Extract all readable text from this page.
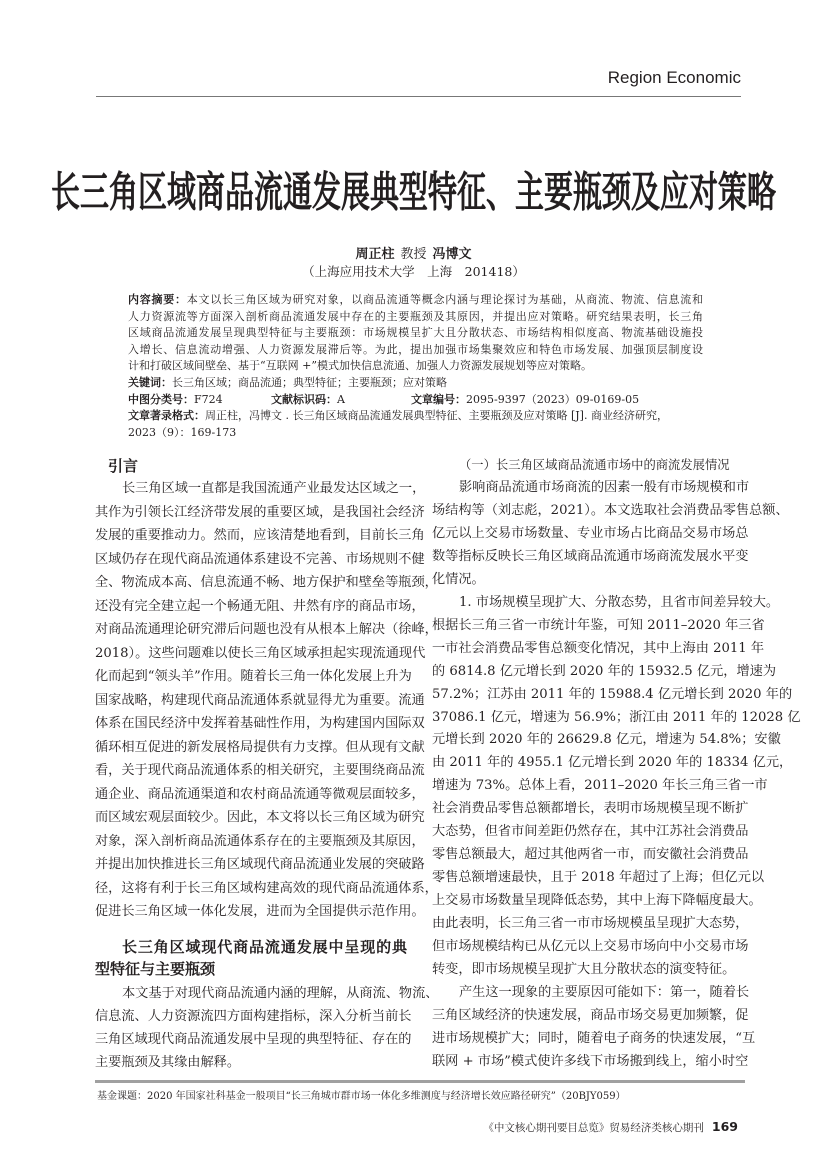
Region Economic
长三角区域商品流通发展典型特征、主要瓶颈及应对策略
周正柱 教授 冯博文
（上海应用技术大学　上海　201418）
内容摘要：本文以长三角区域为研究对象，以商品流通等概念内涵与理论探讨为基础，从商流、物流、信息流和
人力资源流等方面深入剖析商品流通发展中存在的主要瓶颈及其原因，并提出应对策略。研究结果表明，长三角
区域商品流通发展呈现典型特征与主要瓶颈：市场规模呈扩大且分散状态、市场结构相似度高、物流基础设施投
入增长、信息流动增强、人力资源发展滞后等。为此，提出加强市场集聚效应和特色市场发展、加强顶层制度设
计和打破区域间壁垒、基于“互联网 +”模式加快信息流通、加强人力资源发展规划等应对策略。
关键词： 长三角区域；商品流通；典型特征；主要瓶颈；应对策略
中图分类号：F724	文献标识码：A	文章编号：2095-9397（2023）09-0169-05
文章著录格式： 周正柱，冯博文 . 长三角区域商品流通发展典型特征、主要瓶颈及应对策略 [J]. 商业经济研究，
2023（9）：169-173
引言
长三角区域一直都是我国流通产业最发达区域之一，
其作为引领长江经济带发展的重要区域，是我国社会经济
发展的重要推动力。然而，应该清楚地看到，目前长三角
区域仍存在现代商品流通体系建设不完善、市场规则不健
全、物流成本高、信息流通不畅、地方保护和壁垒等瓶颈，
还没有完全建立起一个畅通无阻、井然有序的商品市场，
对商品流通理论研究滞后问题也没有从根本上解决（徐峰，
2018）。这些问题难以使长三角区域承担起实现流通现代
化而起到“领头羊”作用。随着长三角一体化发展上升为
国家战略，构建现代商品流通体系就显得尤为重要。流通
体系在国民经济中发挥着基础性作用，为构建国内国际双
循环相互促进的新发展格局提供有力支撑。但从现有文献
看，关于现代商品流通体系的相关研究，主要围绕商品流
通企业、商品流通渠道和农村商品流通等微观层面较多，
而区域宏观层面较少。因此，本文将以长三角区域为研究
对象，深入剖析商品流通体系存在的主要瓶颈及其原因，
并提出加快推进长三角区域现代商品流通业发展的突破路
径，这将有利于长三角区域构建高效的现代商品流通体系，
促进长三角区域一体化发展，进而为全国提供示范作用。
长三角区域现代商品流通发展中呈现的典
型特征与主要瓶颈
本文基于对现代商品流通内涵的理解，从商流、物流、
信息流、人力资源流四方面构建指标，深入分析当前长
三角区域现代商品流通发展中呈现的典型特征、存在的
主要瓶颈及其缘由解释。
（一）长三角区域商品流通市场中的商流发展情况
影响商品流通市场商流的因素一般有市场规模和市
场结构等（刘志彪，2021）。本文选取社会消费品零售总额、
亿元以上交易市场数量、专业市场占比商品交易市场总
数等指标反映长三角区域商品流通市场商流发展水平变
化情况。
1. 市场规模呈现扩大、分散态势，且省市间差异较大。
根据长三角三省一市统计年鉴，可知 2011–2020 年三省
一市社会消费品零售总额变化情况，其中上海由 2011 年
的 6814.8 亿元增长到 2020 年的 15932.5 亿元，增速为
57.2%；江苏由 2011 年的 15988.4 亿元增长到 2020 年的
37086.1 亿元，增速为 56.9%；浙江由 2011 年的 12028 亿
元增长到 2020 年的 26629.8 亿元，增速为 54.8%；安徽
由 2011 年的 4955.1 亿元增长到 2020 年的 18334 亿元，
增速为 73%。总体上看，2011–2020 年长三角三省一市
社会消费品零售总额都增长，表明市场规模呈现不断扩
大态势，但省市间差距仍然存在，其中江苏社会消费品
零售总额最大，超过其他两省一市，而安徽社会消费品
零售总额增速最快，且于 2018 年超过了上海；但亿元以
上交易市场数量呈现降低态势，其中上海下降幅度最大。
由此表明，长三角三省一市市场规模虽呈现扩大态势，
但市场规模结构已从亿元以上交易市场向中小交易市场
转变，即市场规模呈现扩大且分散状态的演变特征。
产生这一现象的主要原因可能如下：第一，随着长
三角区域经济的快速发展，商品市场交易更加频繁，促
进市场规模扩大；同时，随着电子商务的快速发展，“互
联网 + 市场”模式使许多线下市场搬到线上，缩小时空
基金课题：2020 年国家社科基金一般项目“长三角城市群市场一体化多维测度与经济增长效应路径研究”（20BJY059）
《中文核心期刊要目总览》贸易经济类核心期刊 169
